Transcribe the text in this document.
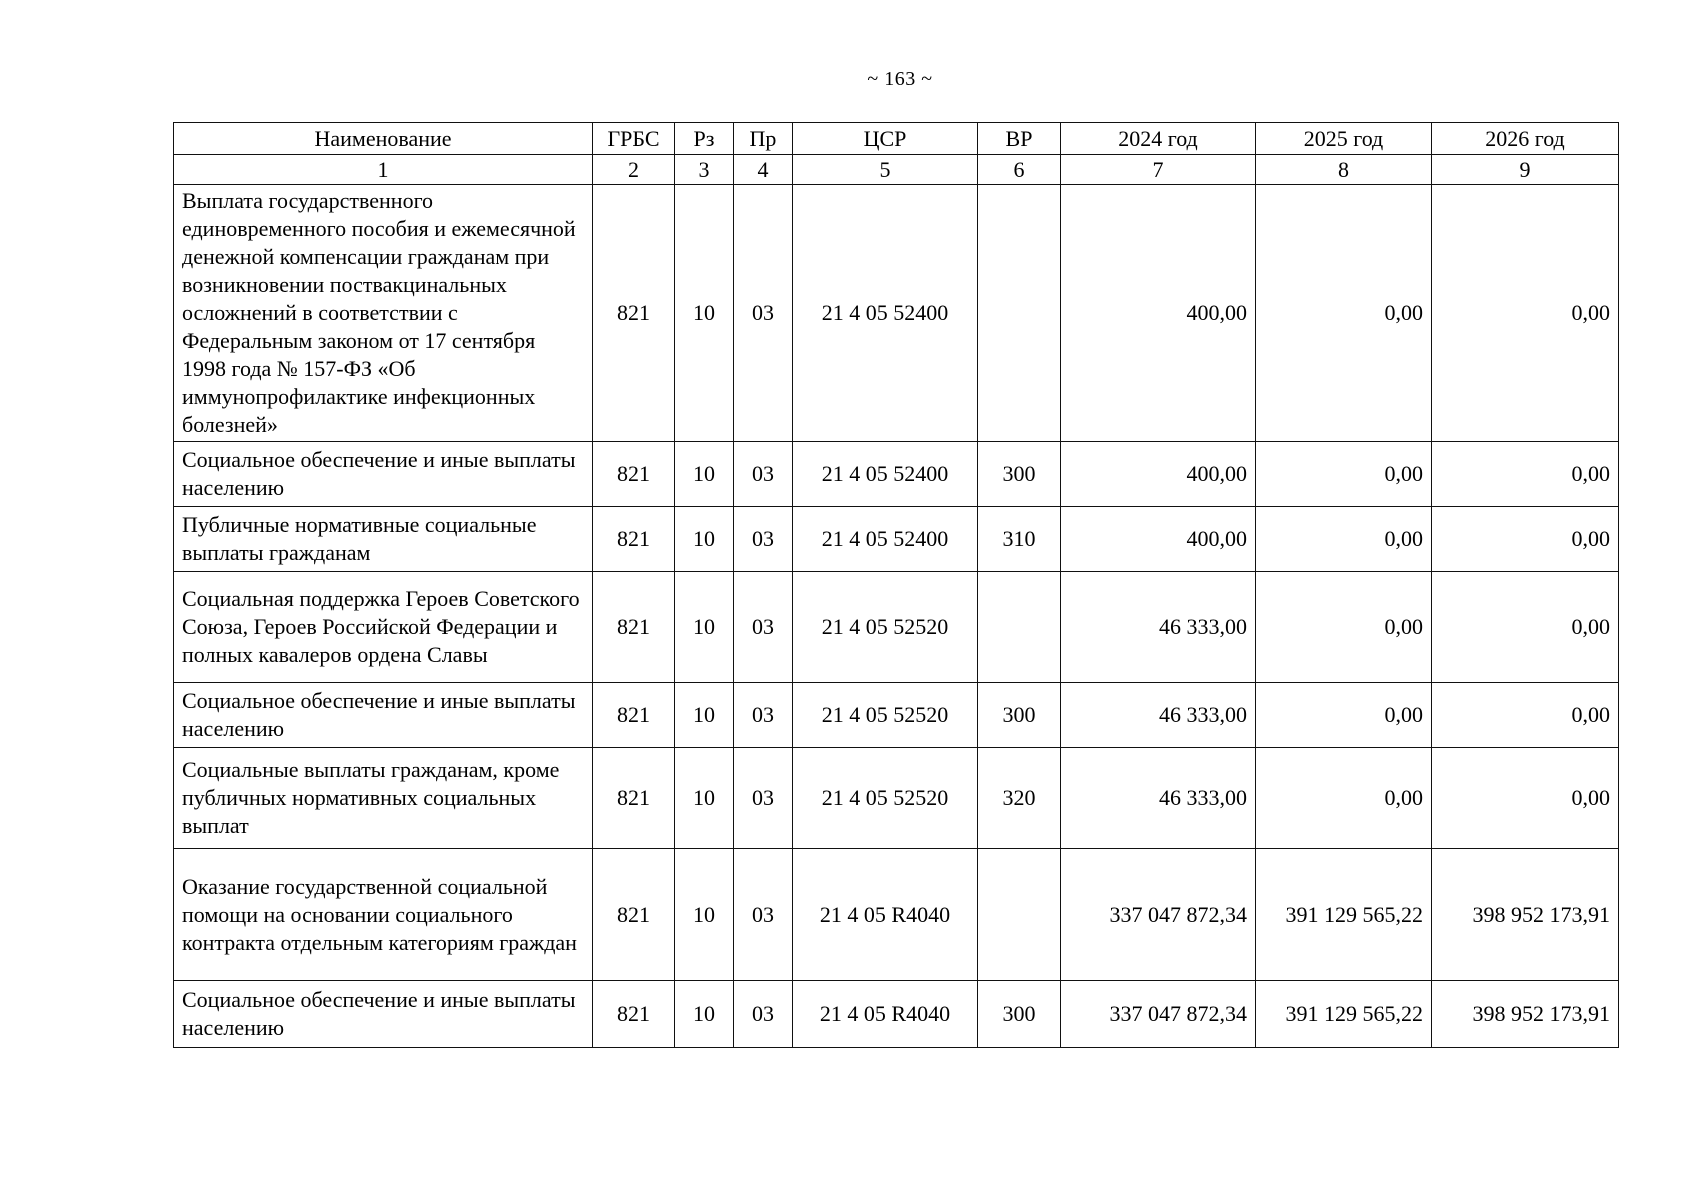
~ 163 ~
Наименование	ГРБС	Рз	Пр	ЦСР	ВР	2024 год	2025 год	2026 год
1	2	3	4	5	6	7	8	9
Выплата государственного единовременного пособия и ежемесячной денежной компенсации гражданам при возникновении поствакцинальных осложнений в соответствии с Федеральным законом от 17 сентября 1998 года № 157-ФЗ «Об иммунопрофилактике инфекционных болезней»	821	10	03	21 4 05 52400		400,00	0,00	0,00
Социальное обеспечение и иные выплаты населению	821	10	03	21 4 05 52400	300	400,00	0,00	0,00
Публичные нормативные социальные выплаты гражданам	821	10	03	21 4 05 52400	310	400,00	0,00	0,00
Социальная поддержка Героев Советского Союза, Героев Российской Федерации и полных кавалеров ордена Славы	821	10	03	21 4 05 52520		46 333,00	0,00	0,00
Социальное обеспечение и иные выплаты населению	821	10	03	21 4 05 52520	300	46 333,00	0,00	0,00
Социальные выплаты гражданам, кроме публичных нормативных социальных выплат	821	10	03	21 4 05 52520	320	46 333,00	0,00	0,00
Оказание государственной социальной помощи на основании социального контракта отдельным категориям граждан	821	10	03	21 4 05 R4040		337 047 872,34	391 129 565,22	398 952 173,91
Социальное обеспечение и иные выплаты населению	821	10	03	21 4 05 R4040	300	337 047 872,34	391 129 565,22	398 952 173,91
